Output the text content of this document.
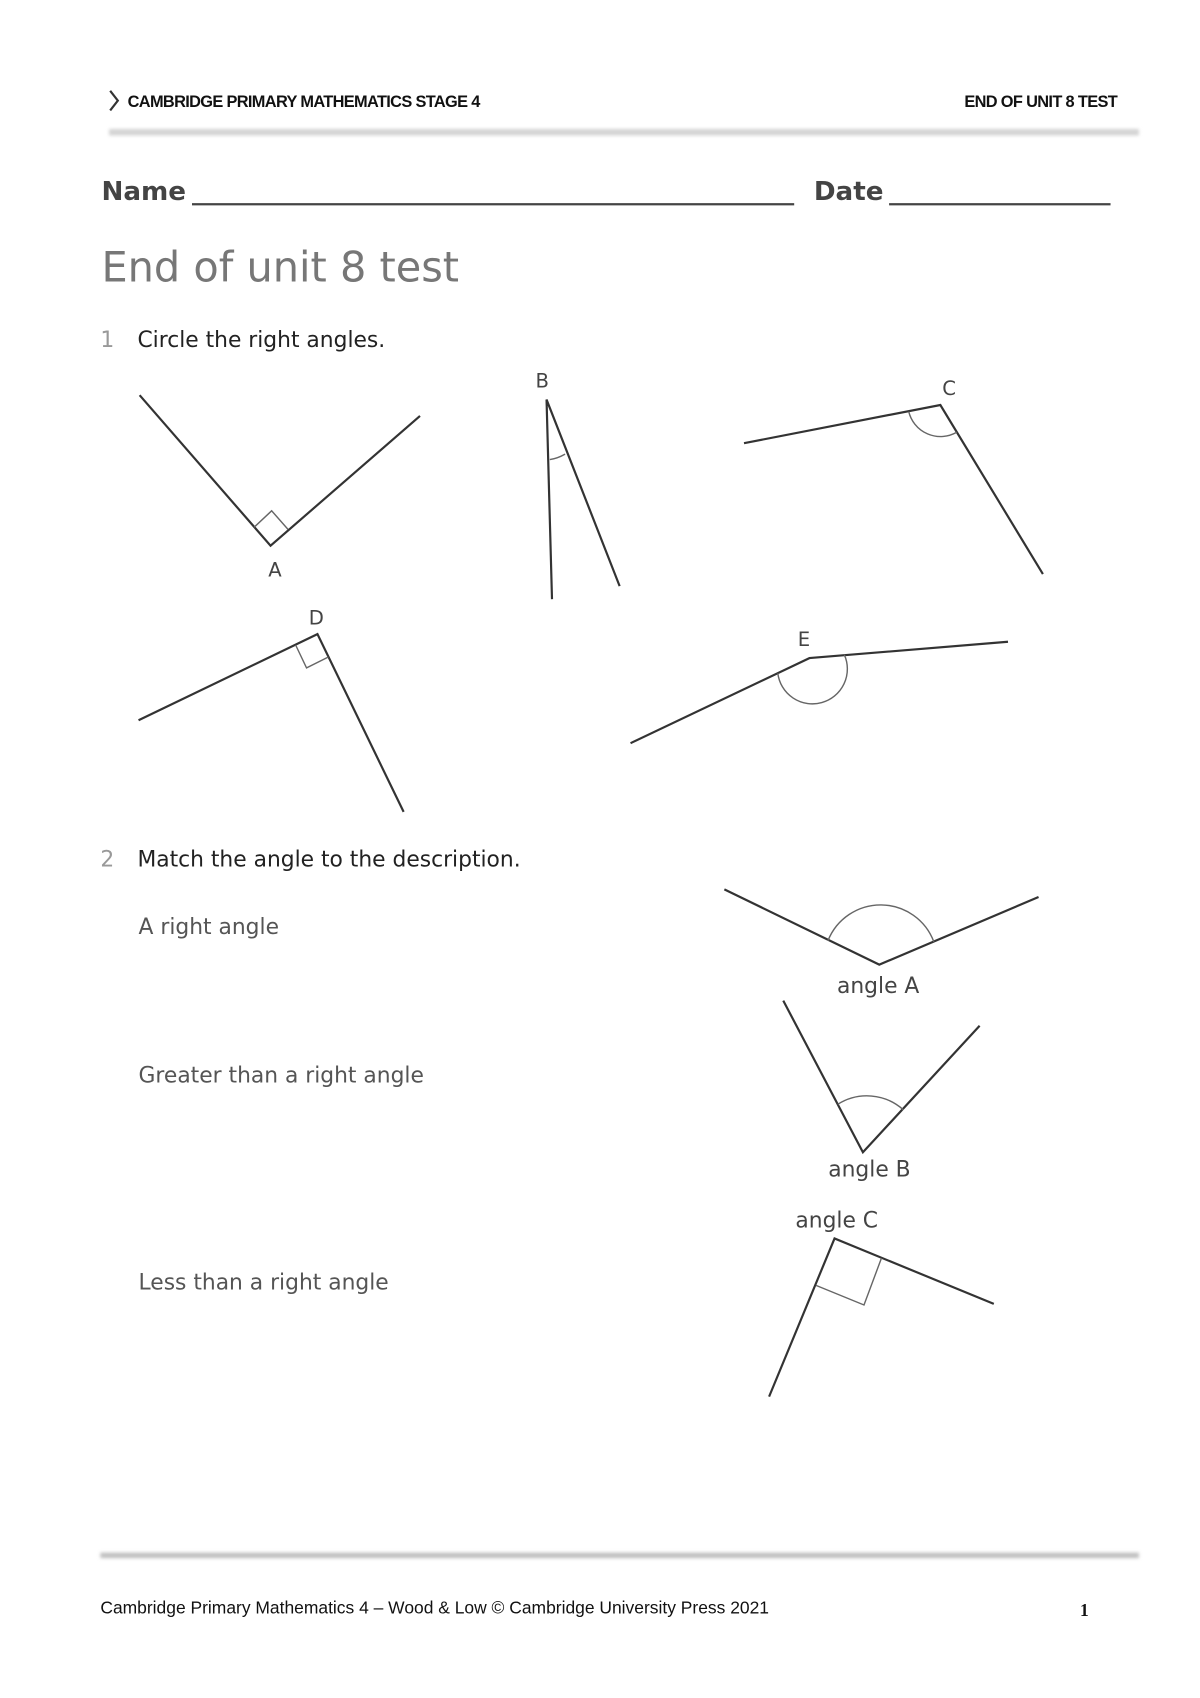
CAMBRIDGE PRIMARY MATHEMATICS STAGE 4	END OF UNIT 8 TEST
Name	Date
End of unit 8 test
1 Circle the right angles.
A
B	C
D
E
2 Match the angle to the description.
A right angle
Greater than a right angle
Less than a right angle
angle A
angle B
angle C
Cambridge Primary Mathematics 4 – Wood & Low © Cambridge University Press 2021	1
